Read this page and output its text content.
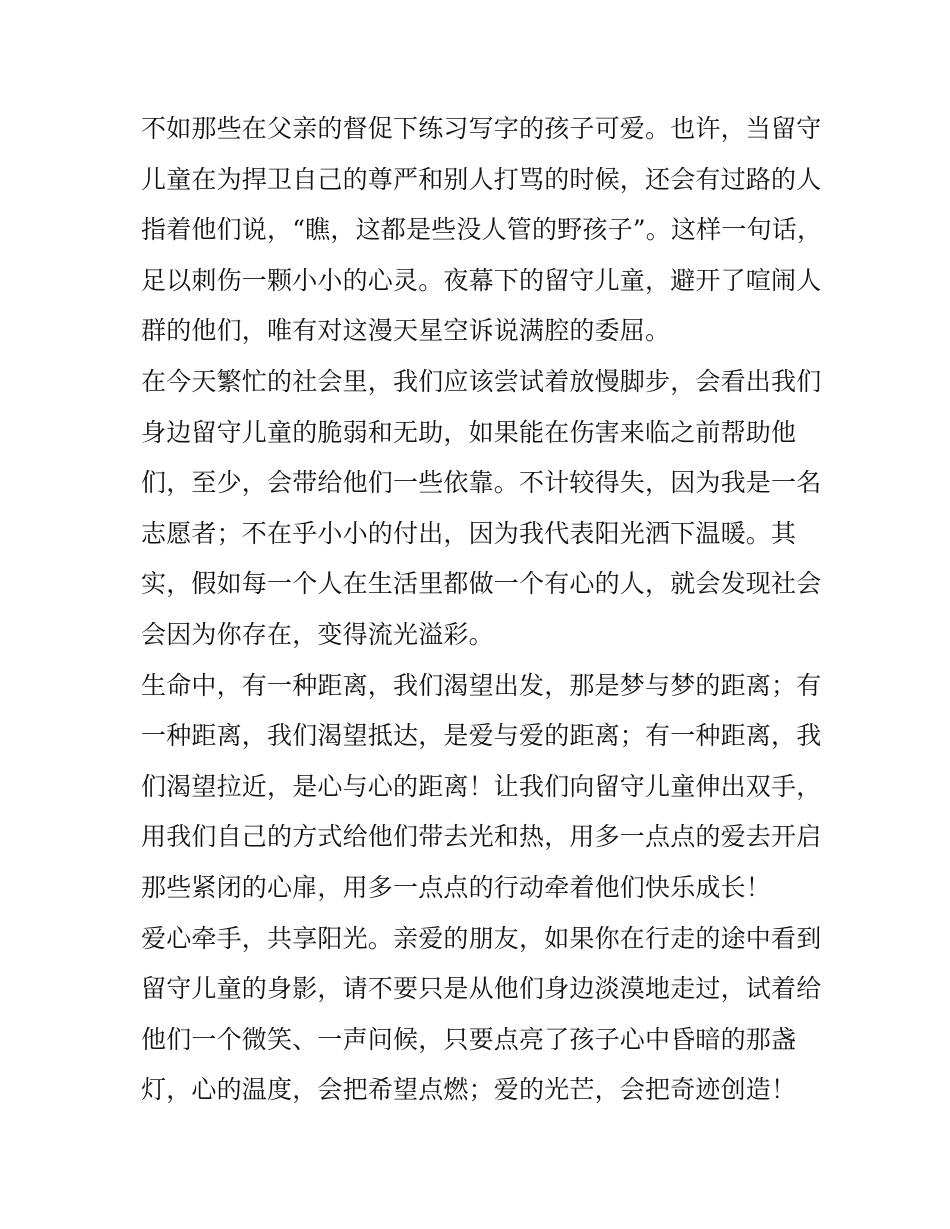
不如那些在父亲的督促下练习写字的孩子可爱。也许，当留守
儿童在为捍卫自己的尊严和别人打骂的时候，还会有过路的人
指着他们说，“瞧，这都是些没人管的野孩子”。这样一句话，
足以刺伤一颗小小的心灵。夜幕下的留守儿童，避开了喧闹人
群的他们，唯有对这漫天星空诉说满腔的委屈。
在今天繁忙的社会里，我们应该尝试着放慢脚步，会看出我们
身边留守儿童的脆弱和无助，如果能在伤害来临之前帮助他
们，至少，会带给他们一些依靠。不计较得失，因为我是一名
志愿者；不在乎小小的付出，因为我代表阳光洒下温暖。其
实，假如每一个人在生活里都做一个有心的人，就会发现社会
会因为你存在，变得流光溢彩。
生命中，有一种距离，我们渴望出发，那是梦与梦的距离；有
一种距离，我们渴望抵达，是爱与爱的距离；有一种距离，我
们渴望拉近，是心与心的距离！让我们向留守儿童伸出双手，
用我们自己的方式给他们带去光和热，用多一点点的爱去开启
那些紧闭的心扉，用多一点点的行动牵着他们快乐成长！
爱心牵手，共享阳光。亲爱的朋友，如果你在行走的途中看到
留守儿童的身影，请不要只是从他们身边淡漠地走过，试着给
他们一个微笑、一声问候，只要点亮了孩子心中昏暗的那盏
灯，心的温度，会把希望点燃；爱的光芒，会把奇迹创造！
